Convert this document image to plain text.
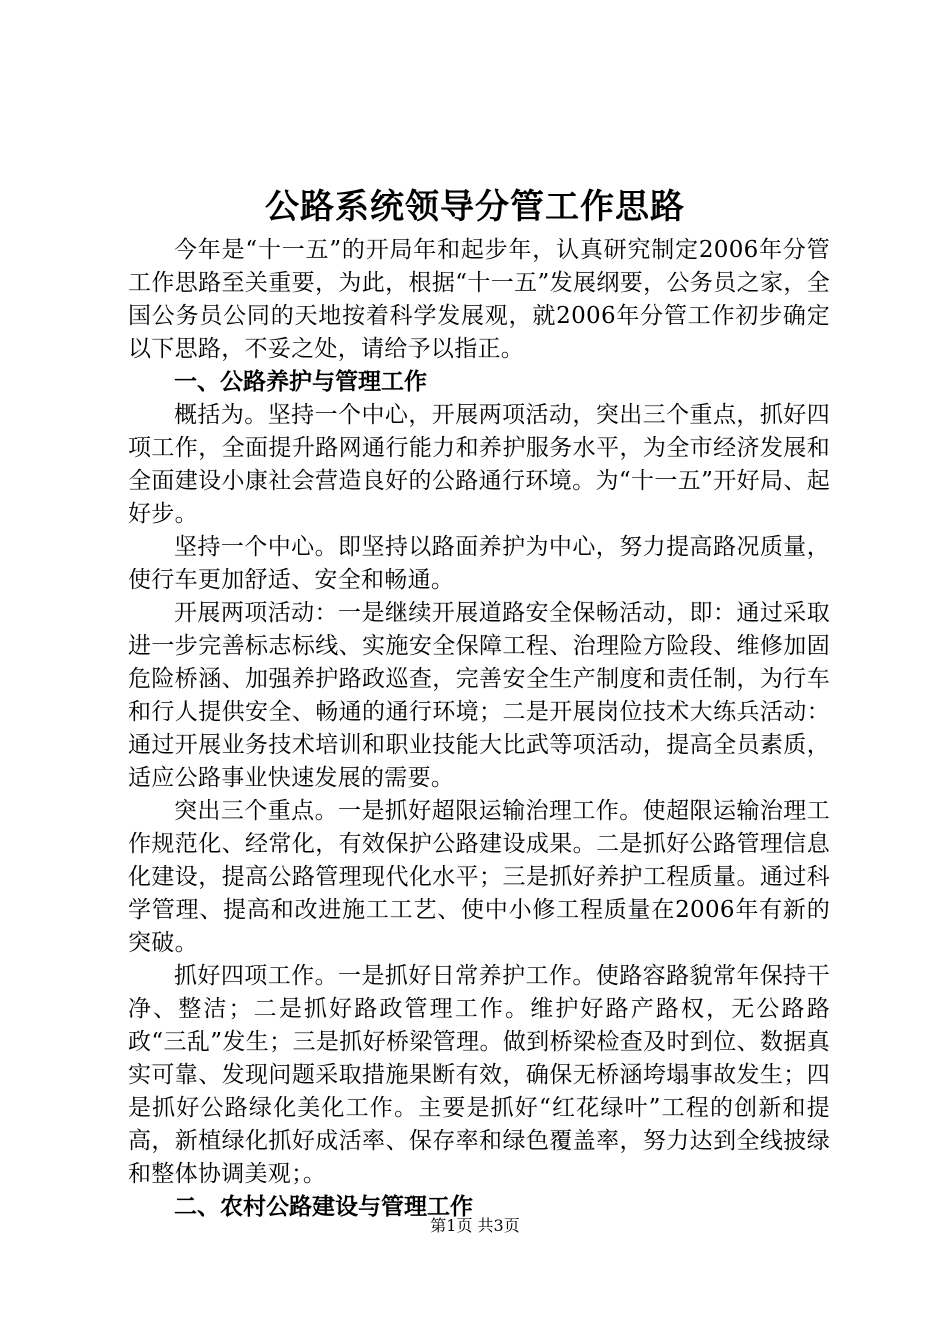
公路系统领导分管工作思路

今年是“十一五”的开局年和起步年，认真研究制定2006年分管工作思路至关重要，为此，根据“十一五”发展纲要，公务员之家，全国公务员公同的天地按着科学发展观，就2006年分管工作初步确定以下思路，不妥之处，请给予以指正。

一、公路养护与管理工作

概括为。坚持一个中心，开展两项活动，突出三个重点，抓好四项工作，全面提升路网通行能力和养护服务水平，为全市经济发展和全面建设小康社会营造良好的公路通行环境。为“十一五”开好局、起好步。

坚持一个中心。即坚持以路面养护为中心，努力提高路况质量，使行车更加舒适、安全和畅通。

开展两项活动：一是继续开展道路安全保畅活动，即：通过采取进一步完善标志标线、实施安全保障工程、治理险方险段、维修加固危险桥涵、加强养护路政巡查，完善安全生产制度和责任制，为行车和行人提供安全、畅通的通行环境；二是开展岗位技术大练兵活动：通过开展业务技术培训和职业技能大比武等项活动，提高全员素质，适应公路事业快速发展的需要。

突出三个重点。一是抓好超限运输治理工作。使超限运输治理工作规范化、经常化，有效保护公路建设成果。二是抓好公路管理信息化建设，提高公路管理现代化水平；三是抓好养护工程质量。通过科学管理、提高和改进施工工艺、使中小修工程质量在2006年有新的突破。

抓好四项工作。一是抓好日常养护工作。使路容路貌常年保持干净、整洁；二是抓好路政管理工作。维护好路产路权，无公路路政“三乱”发生；三是抓好桥梁管理。做到桥梁检查及时到位、数据真实可靠、发现问题采取措施果断有效，确保无桥涵垮塌事故发生；四是抓好公路绿化美化工作。主要是抓好“红花绿叶”工程的创新和提高，新植绿化抓好成活率、保存率和绿色覆盖率，努力达到全线披绿和整体协调美观；。

二、农村公路建设与管理工作

第1页 共3页
